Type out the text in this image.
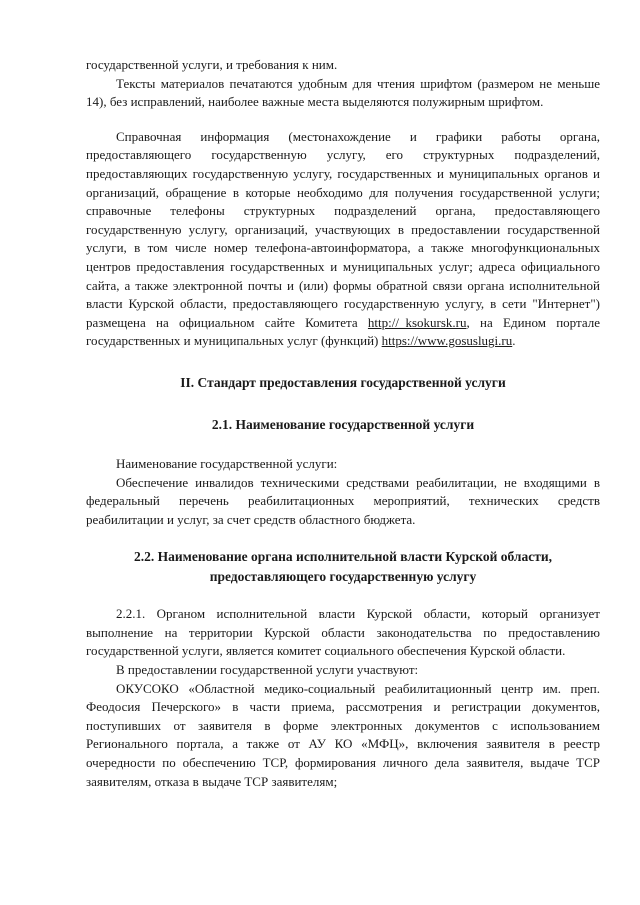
государственной услуги, и требования к ним.

Тексты материалов печатаются удобным для чтения шрифтом (размером не меньше 14), без исправлений, наиболее важные места выделяются полужирным шрифтом.

Справочная информация (местонахождение и графики работы органа, предоставляющего государственную услугу, его структурных подразделений, предоставляющих государственную услугу, государственных и муниципальных органов и организаций, обращение в которые необходимо для получения государственной услуги; справочные телефоны структурных подразделений органа, предоставляющего государственную услугу, организаций, участвующих в предоставлении государственной услуги, в том числе номер телефона-автоинформатора, а также многофункциональных центров предоставления государственных и муниципальных услуг; адреса официального сайта, а также электронной почты и (или) формы обратной связи органа исполнительной власти Курской области, предоставляющего государственную услугу, в сети "Интернет") размещена на официальном сайте Комитета http://_ksokursk.ru, на Едином портале государственных и муниципальных услуг (функций) https://www.gosuslugi.ru.

II. Стандарт предоставления государственной услуги

2.1. Наименование государственной услуги

Наименование государственной услуги:

Обеспечение инвалидов техническими средствами реабилитации, не входящими в федеральный перечень реабилитационных мероприятий, технических средств реабилитации и услуг, за счет средств областного бюджета.

2.2. Наименование органа исполнительной власти Курской области,

предоставляющего государственную услугу

2.2.1. Органом исполнительной власти Курской области, который организует выполнение на территории Курской области законодательства по предоставлению государственной услуги, является комитет социального обеспечения Курской области.

В предоставлении государственной услуги участвуют:

ОКУСОКО «Областной медико-социальный реабилитационный центр им. преп. Феодосия Печерского» в части приема, рассмотрения и регистрации документов, поступивших от заявителя в форме электронных документов с использованием Регионального портала, а также от АУ КО «МФЦ», включения заявителя в реестр очередности по обеспечению ТСР, формирования личного дела заявителя, выдаче ТСР заявителям, отказа в выдаче ТСР заявителям;
